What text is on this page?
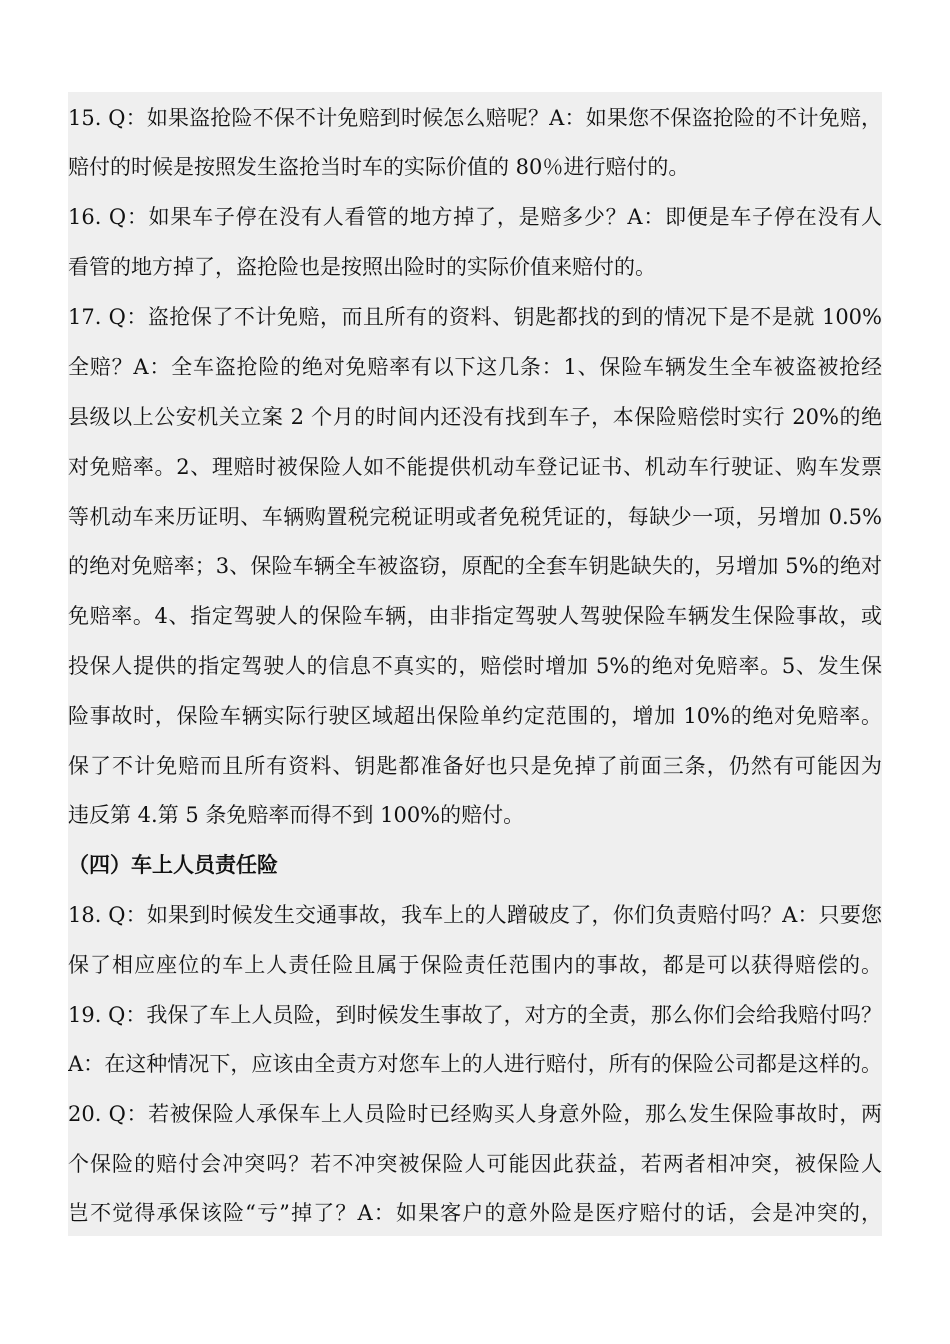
15. Q：如果盗抢险不保不计免赔到时候怎么赔呢？A：如果您不保盗抢险的不计免赔，
赔付的时候是按照发生盗抢当时车的实际价值的 80％进行赔付的。
16. Q：如果车子停在没有人看管的地方掉了，是赔多少？A：即便是车子停在没有人
看管的地方掉了，盗抢险也是按照出险时的实际价值来赔付的。
17. Q：盗抢保了不计免赔，而且所有的资料、钥匙都找的到的情况下是不是就 100%
全赔？A：全车盗抢险的绝对免赔率有以下这几条：1、保险车辆发生全车被盗被抢经
县级以上公安机关立案 2 个月的时间内还没有找到车子，本保险赔偿时实行 20%的绝
对免赔率。2、理赔时被保险人如不能提供机动车登记证书、机动车行驶证、购车发票
等机动车来历证明、车辆购置税完税证明或者免税凭证的，每缺少一项，另增加 0.5%
的绝对免赔率；3、保险车辆全车被盗窃，原配的全套车钥匙缺失的，另增加 5%的绝对
免赔率。4、指定驾驶人的保险车辆，由非指定驾驶人驾驶保险车辆发生保险事故，或
投保人提供的指定驾驶人的信息不真实的，赔偿时增加 5%的绝对免赔率。5、发生保
险事故时，保险车辆实际行驶区域超出保险单约定范围的，增加 10%的绝对免赔率。
保了不计免赔而且所有资料、钥匙都准备好也只是免掉了前面三条，仍然有可能因为
违反第 4.第 5 条免赔率而得不到 100%的赔付。
（四）车上人员责任险
18. Q：如果到时候发生交通事故，我车上的人蹭破皮了，你们负责赔付吗？A：只要您
保了相应座位的车上人责任险且属于保险责任范围内的事故，都是可以获得赔偿的。
19. Q：我保了车上人员险，到时候发生事故了，对方的全责，那么你们会给我赔付吗？
A：在这种情况下，应该由全责方对您车上的人进行赔付，所有的保险公司都是这样的。
20. Q：若被保险人承保车上人员险时已经购买人身意外险，那么发生保险事故时，两
个保险的赔付会冲突吗？若不冲突被保险人可能因此获益，若两者相冲突，被保险人
岂不觉得承保该险“亏”掉了？A：如果客户的意外险是医疗赔付的话，会是冲突的，
